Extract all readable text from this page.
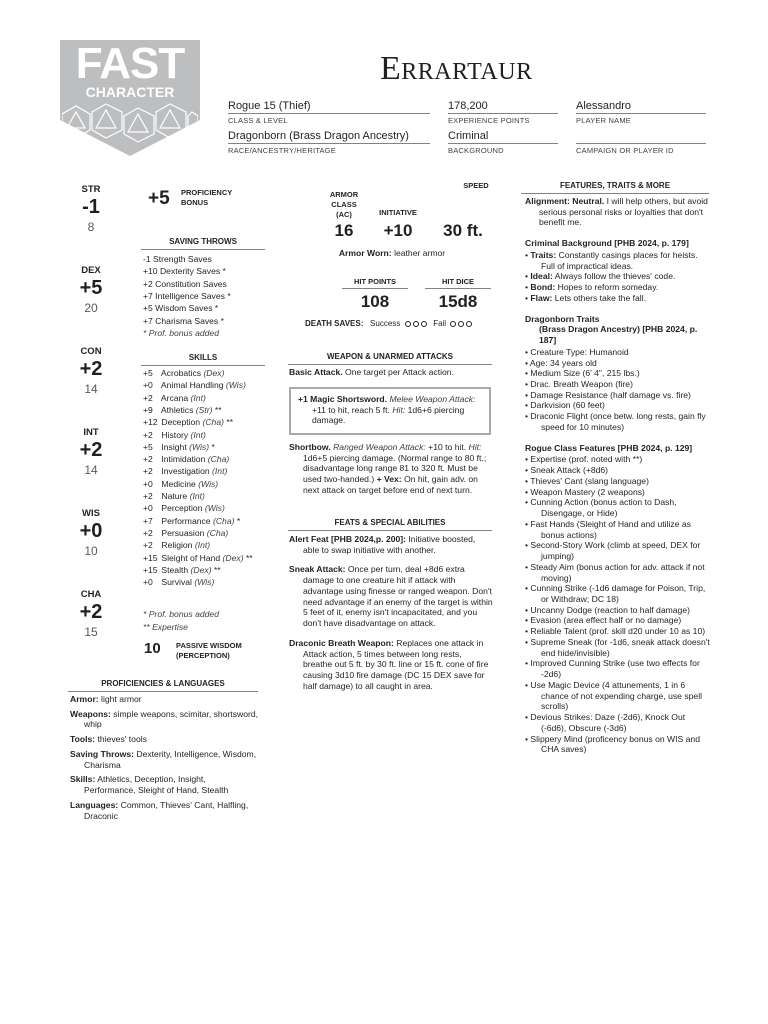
FAST
CHARACTER
Errartaur
Rogue 15 (Thief)
CLASS & LEVEL
178,200
EXPERIENCE POINTS
Alessandro
PLAYER NAME
Dragonborn (Brass Dragon Ancestry)
RACE/ANCESTRY/HERITAGE
Criminal
BACKGROUND	CAMPAIGN OR PLAYER ID
STR
-1
8
DEX
+5
20
CON
+2
14
INT
+2
14
WIS
+0
10
CHA
+2
15
+5 PROFICIENCY
BONUS
SAVING THROWS
-1 Strength Saves
+10 Dexterity Saves *
+2 Constitution Saves
+7 Intelligence Saves *
+5 Wisdom Saves *
+7 Charisma Saves *
* Prof. bonus added
SKILLS
+5 Acrobatics (Dex)
+0 Animal Handling (Wis)
+2 Arcana (Int)
+9 Athletics (Str) **
+12 Deception (Cha) **
+2 History (Int)
+5 Insight (Wis) *
+2 Intimidation (Cha)
+2 Investigation (Int)
+0 Medicine (Wis)
+2 Nature (Int)
+0 Perception (Wis)
+7 Performance (Cha) *
+2 Persuasion (Cha)
+2 Religion (Int)
+15 Sleight of Hand (Dex) **
+15 Stealth (Dex) **
+0 Survival (Wis)
* Prof. bonus added
** Expertise
10 PASSIVE WISDOM
(PERCEPTION)
PROFICIENCIES & LANGUAGES

Armor: light armor

Weapons: simple weapons, scimitar, shortsword, whip

Tools: thieves' tools

Saving Throws: Dexterity, Intelligence, Wisdom, Charisma

Skills: Athletics, Deception, Insight, Performance, Sleight of Hand, Stealth

Languages: Common, Thieves' Cant, Halfling, Draconic

ARMOR
CLASS
(AC)
16
INITIATIVE
+10
SPEED
30 ft.
Armor Worn: leather armor
HIT POINTS
108
HIT DICE
15d8
DEATH SAVES: Success	Fail
WEAPON & UNARMED ATTACKS
Basic Attack. One target per Attack action.

+1 Magic Shortsword. Melee Weapon Attack: +11 to hit, reach 5 ft. Hit: 1d6+6 piercing damage.

Shortbow. Ranged Weapon Attack: +10 to hit. Hit: 1d6+5 piercing damage. (Normal range to 80 ft.; disadvantage long range 81 to 320 ft. Must be used two-handed.) + Vex: On hit, gain adv. on next attack on target before end of next turn.

FEATS & SPECIAL ABILITIES

Alert Feat [PHB 2024,p. 200]: Initiative boosted, able to swap initiative with another.

Sneak Attack: Once per turn, deal +8d6 extra damage to one creature hit if attack with advantage using finesse or ranged weapon. Don't need advantage if an enemy of the target is within 5 feet of it, enemy isn't incapacitated, and you don't have disadvantage on attack.

Draconic Breath Weapon: Replaces one attack in Attack action, 5 times between long rests, breathe out 5 ft. by 30 ft. line or 15 ft. cone of fire causing 3d10 fire damage (DC 15 DEX save for half damage) to all caught in area.

FEATURES, TRAITS & MORE

Alignment: Neutral. I will help others, but avoid serious personal risks or loyalties that don't benefit me.

Criminal Background [PHB 2024, p. 179]
• Traits: Constantly casings places for heists. Full of impractical ideas.
• Ideal: Always follow the thieves' code.
• Bond: Hopes to reform someday.
• Flaw: Lets others take the fall.
Dragonborn Traits
(Brass Dragon Ancestry) [PHB 2024, p. 187]
• Creature Type: Humanoid
• Age: 34 years old
• Medium Size (6' 4", 215 lbs.)
• Drac. Breath Weapon (fire)
• Damage Resistance (half damage vs. fire)
• Darkvision (60 feet)
• Draconic Flight (once betw. long rests, gain fly speed for 10 minutes)
Rogue Class Features [PHB 2024, p. 129]
• Expertise (prof. noted with **)
• Sneak Attack (+8d6)
• Thieves' Cant (slang language)
• Weapon Mastery (2 weapons)
• Cunning Action (bonus action to Dash, Disengage, or Hide)
• Fast Hands (Sleight of Hand and utilize as bonus actions)
• Second-Story Work (climb at speed, DEX for jumping)
• Steady Aim (bonus action for adv. attack if not moving)
• Cunning Strike (-1d6 damage for Poison, Trip, or Withdraw; DC 18)
• Uncanny Dodge (reaction to half damage)
• Evasion (area effect half or no damage)
• Reliable Talent (prof. skill d20 under 10 as 10)
• Supreme Sneak (for -1d6, sneak attack doesn't end hide/invisible)
• Improved Cunning Strike (use two effects for -2d6)
• Use Magic Device (4 attunements, 1 in 6 chance of not expending charge, use spell scrolls)
• Devious Strikes: Daze (-2d6), Knock Out (-6d6), Obscure (-3d6)
• Slippery Mind (proficency bonus on WIS and CHA saves)
